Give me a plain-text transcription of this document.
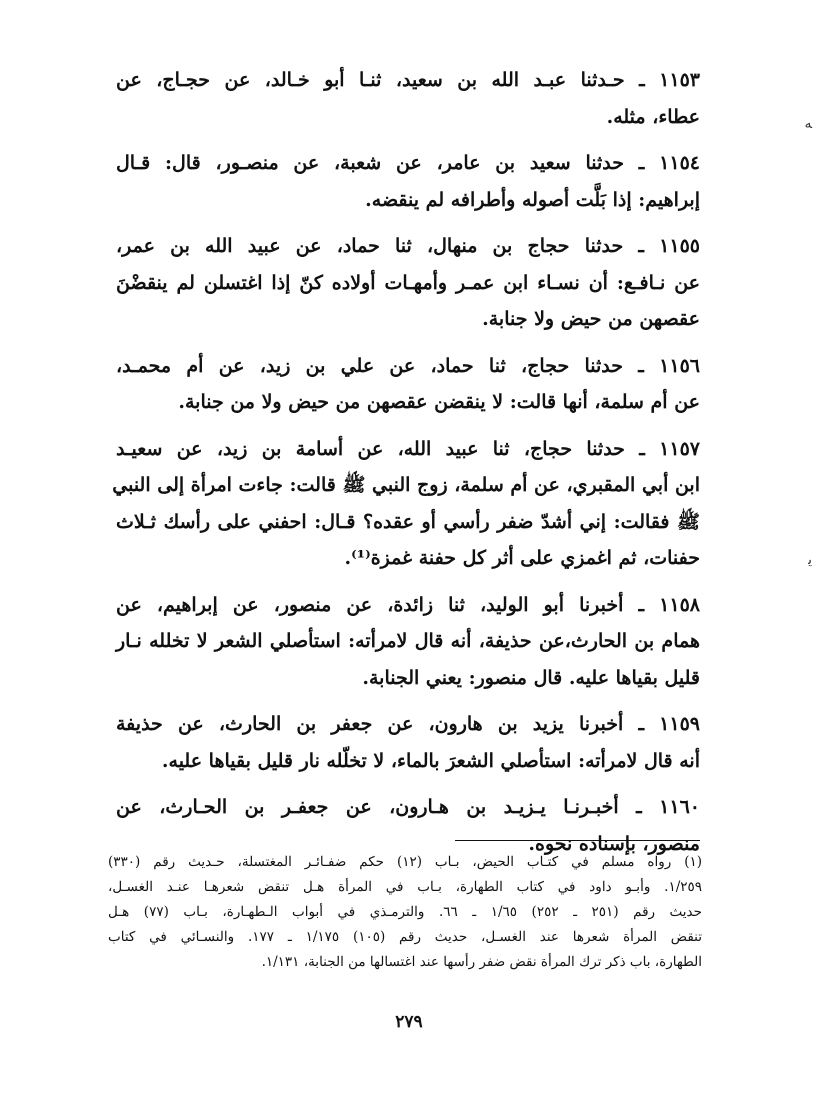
١١٥٣ ـ حـدثنا عبـد الله بن سعيد، ثنـا أبو خـالد، عن حجـاج، عن
عطاء، مثله.
١١٥٤ ـ حدثنا سعيد بن عامر، عن شعبة، عن منصـور، قال: قـال
إبراهيم: إذا بَلَّت أصوله وأطرافه لم ينقضه.
١١٥٥ ـ حدثنا حجاج بن منهال، ثنا حماد، عن عبيد الله بن عمر،
عن نـافـع: أن نسـاء ابن عمـر وأمهـات أولاده كنّ إذا اغتسلن لم ينقضْنَ
عقصهن من حيض ولا جنابة.
١١٥٦ ـ حدثنا حجاج، ثنا حماد، عن علي بن زيد، عن أم محمـد،
عن أم سلمة، أنها قالت: لا ينقضن عقصهن من حيض ولا من جنابة.
١١٥٧ ـ حدثنا حجاج، ثنا عبيد الله، عن أسامة بن زيد، عن سعيـد
ابن أبي المقبري، عن أم سلمة، زوج النبي ﷺ قالت: جاءت امرأة إلى النبي
ﷺ فقالت: إني أشدّ ضفر رأسي أو عقده؟ قـال: احفني على رأسك ثـلاث
حفنات، ثم اغمزي على أثر كل حفنة غمزة⁽¹⁾.
١١٥٨ ـ أخبرنا أبو الوليد، ثنا زائدة، عن منصور، عن إبراهيم، عن
همام بن الحارث،عن حذيفة، أنه قال لامرأته: استأصلي الشعر لا تخلله نـار
قليل بقياها عليه. قال منصور: يعني الجنابة.
١١٥٩ ـ أخبرنا يزيد بن هارون، عن جعفر بن الحارث، عن حذيفة
أنه قال لامرأته: استأصلي الشعرَ بالماء، لا تخلّله نار قليل بقياها عليه.
١١٦٠ ـ أخبـرنـا يـزيـد بن هـارون، عن جعفـر بن الحـارث، عن
منصور، بإسناده نحوه.
(١) رواه مسلم في كتـاب الحيض، بـاب (١٢) حكم ضفـائـر المغتسلة، حـديث رقم (٣٣٠)
١/٢٥٩. وأبـو داود في كتاب الطهارة، بـاب في المرأة هـل تنقض شعرهـا عنـد الغسـل،
حديث رقم (٢٥١ ـ ٢٥٢) ١/٦٥ ـ ٦٦. والترمـذي في أبواب الـطهـارة، بـاب (٧٧) هـل
تنقض المرأة شعرها عند الغسـل، حديث رقم (١٠٥) ١/١٧٥ ـ ١٧٧. والنسـائي في كتاب
الطهارة، باب ذكر ترك المرأة نقض ضفر رأسها عند اغتسالها من الجنابة، ١/١٣١.
٢٧٩
ﻪ
ﻳ
